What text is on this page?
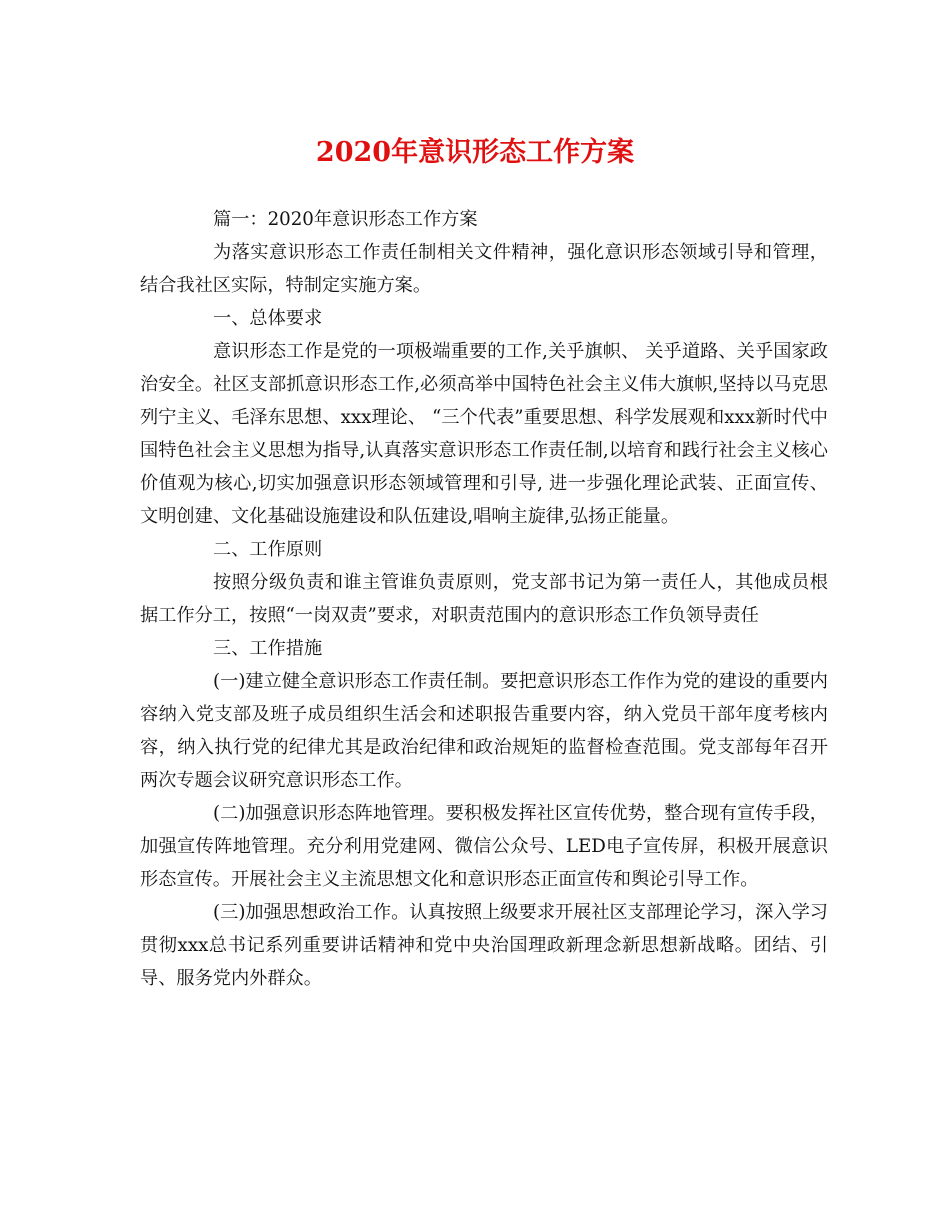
2020年意识形态工作方案

篇一：2020年意识形态工作方案

为落实意识形态工作责任制相关文件精神，强化意识形态领域引导和管理，结合我社区实际，特制定实施方案。

一、总体要求

意识形态工作是党的一项极端重要的工作,关乎旗帜、 关乎道路、关乎国家政治安全。社区支部抓意识形态工作,必须高举中国特色社会主义伟大旗帜,坚持以马克思列宁主义、毛泽东思想、xxx理论、 “三个代表”重要思想、科学发展观和xxx新时代中国特色社会主义思想为指导,认真落实意识形态工作责任制,以培育和践行社会主义核心价值观为核心,切实加强意识形态领域管理和引导, 进一步强化理论武装、正面宣传、文明创建、文化基础设施建设和队伍建设,唱响主旋律,弘扬正能量。

二、工作原则

按照分级负责和谁主管谁负责原则，党支部书记为第一责任人，其他成员根据工作分工，按照“一岗双责”要求，对职责范围内的意识形态工作负领导责任

三、工作措施

(一)建立健全意识形态工作责任制。要把意识形态工作作为党的建设的重要内容纳入党支部及班子成员组织生活会和述职报告重要内容，纳入党员干部年度考核内容，纳入执行党的纪律尤其是政治纪律和政治规矩的监督检查范围。党支部每年召开两次专题会议研究意识形态工作。

(二)加强意识形态阵地管理。要积极发挥社区宣传优势，整合现有宣传手段，加强宣传阵地管理。充分利用党建网、微信公众号、LED电子宣传屏，积极开展意识形态宣传。开展社会主义主流思想文化和意识形态正面宣传和舆论引导工作。

(三)加强思想政治工作。认真按照上级要求开展社区支部理论学习，深入学习贯彻xxx总书记系列重要讲话精神和党中央治国理政新理念新思想新战略。团结、引导、服务党内外群众。
